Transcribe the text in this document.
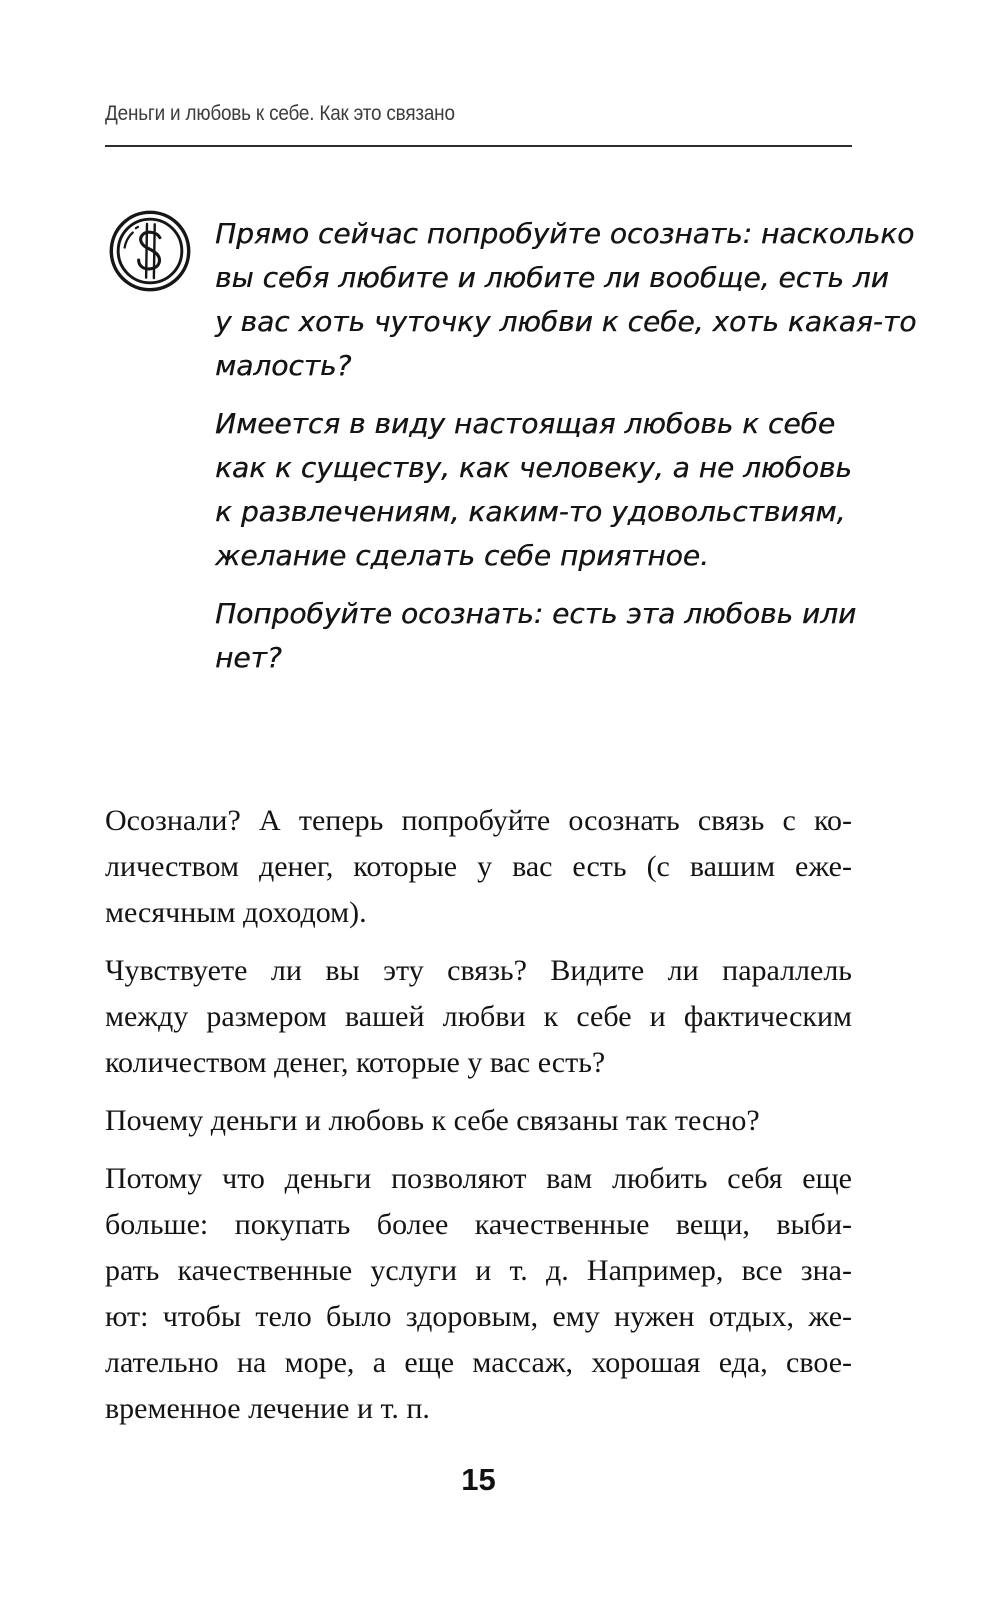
Деньги и любовь к себе. Как это связано
Прямо сейчас попробуйте осознать: насколько
вы себя любите и любите ли вообще, есть ли
у вас хоть чуточку любви к себе, хоть какая-то
малость?
Имеется в виду настоящая любовь к себе
как к существу, как человеку, а не любовь
к развлечениям, каким-то удовольствиям,
желание сделать себе приятное.
Попробуйте осознать: есть эта любовь или
нет?
Осознали? А теперь попробуйте осознать связь с ко-
личеством денег, которые у вас есть (с вашим еже-
месячным доходом).
Чувствуете ли вы эту связь? Видите ли параллель
между размером вашей любви к себе и фактическим
количеством денег, которые у вас есть?
Почему деньги и любовь к себе связаны так тесно?
Потому что деньги позволяют вам любить себя еще
больше: покупать более качественные вещи, выби-
рать качественные услуги и т. д. Например, все зна-
ют: чтобы тело было здоровым, ему нужен отдых, же-
лательно на море, а еще массаж, хорошая еда, свое-
временное лечение и т. п.
15
